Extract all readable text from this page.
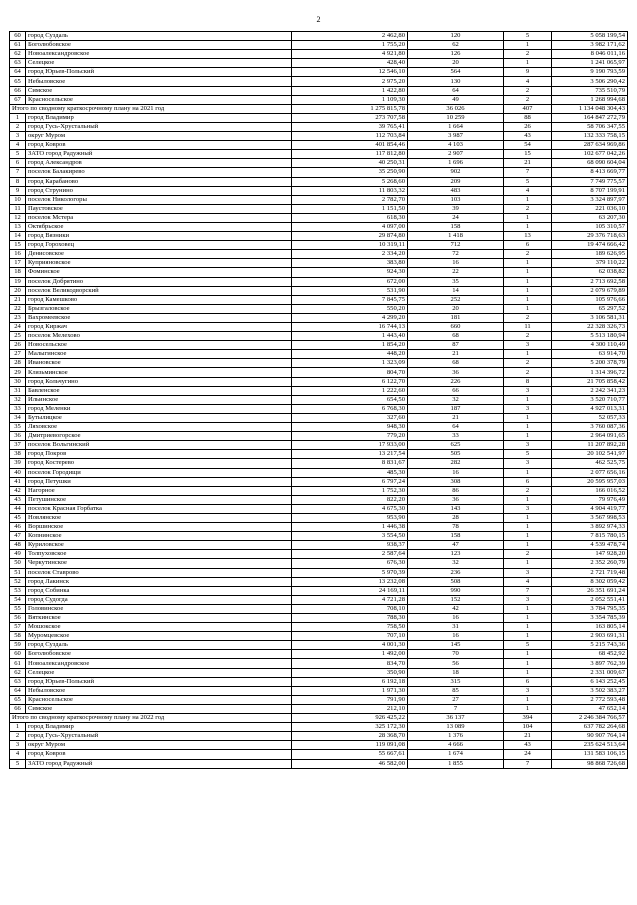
2
60	город Суздаль	2 462,80	120	5	5 058 199,54
61	Боголюбовское	1 755,20	62	1	3 982 171,62
62	Новоалександровское	4 921,80	126	2	8 046 011,16
63	Селецкое	428,40	20	1	1 241 065,97
64	город Юрьев-Польский	12 546,10	564	9	9 190 793,59
65	Небыловское	2 975,20	130	4	3 506 290,42
66	Симское	1 422,80	64	2	735 510,79
67	Красносельское	1 109,30	49	2	1 268 994,68
Итого по сводному краткосрочному плану на 2021 год		1 275 815,78	36 026	407	1 134 048 304,43
1	город Владимир	273 707,58	10 259	88	164 847 272,79
2	город Гусь-Хрустальный	39 765,41	1 664	26	58 706 347,55
3	округ Муром	112 703,84	3 987	43	132 333 758,15
4	город Ковров	401 854,46	4 103	54	287 634 969,86
5	ЗАТО город Радужный	117 812,80	2 907	15	102 677 042,26
6	город Александров	40 250,31	1 696	21	68 090 604,04
7	поселок Балакирево	35 250,90	902	7	8 413 669,77
8	город Карабаново	5 268,60	209	5	7 749 775,57
9	город Струнино	11 803,32	483	4	8 707 199,91
10	поселок Никологоры	2 782,70	103	1	3 324 897,97
11	Паустовское	1 151,50	39	2	221 036,10
12	поселок Мстера	618,30	24	1	63 207,30
13	Октябрьское	4 097,00	158	1	105 310,57
14	город Вязники	29 874,80	1 418	13	29 376 718,63
15	город Гороховец	10 319,11	712	6	19 474 666,42
16	Денисовское	2 334,20	72	2	189 626,95
17	Куприяновское	383,80	16	1	379 110,22
18	Фоминское	924,30	22	1	62 038,82
19	поселок Добрятино	672,00	35	1	2 713 692,58
20	поселок Великодворский	531,90	14	1	2 079 679,89
21	город Камешково	7 845,75	252	1	105 976,66
22	Брызгаловское	550,20	20	1	65 297,52
23	Вахромеевское	4 299,20	181	2	3 106 581,31
24	город Киржач	16 744,13	660	11	22 328 326,73
25	поселок Мелехово	1 443,40	68	2	5 513 180,94
26	Новосельское	1 854,20	87	3	4 300 110,49
27	Малыгинское	448,20	21	1	63 914,70
28	Ивановское	1 323,09	68	2	5 200 378,79
29	Клязьминское	804,70	36	2	1 314 396,72
30	город Кольчугино	6 122,70	226	8	21 705 858,42
31	Бавленское	1 222,60	66	3	2 242 341,23
32	Ильинское	654,50	32	1	3 520 710,77
33	город Меленки	6 768,30	187	3	4 927 013,31
34	Бутылицкое	327,60	21	1	52 057,33
35	Ляховское	948,30	64	1	3 760 087,36
36	Дмитриевогорское	779,20	33	1	2 964 091,65
37	поселок Вольгинский	17 933,00	625	3	11 207 892,28
38	город Покров	13 217,54	505	5	20 102 541,97
39	город Костерево	8 831,67	282	3	462 525,75
40	поселок Городищи	485,30	16	1	2 077 656,16
41	город Петушки	6 797,24	308	6	20 595 957,03
42	Нагорное	1 752,30	86	2	166 016,52
43	Петушинское	822,20	36	1	79 976,49
44	поселок Красная Горбатка	4 675,30	143	3	4 904 419,77
45	Новлянское	953,90	28	1	3 567 998,53
46	Воршинское	1 446,38	78	1	3 892 974,33
47	Копнинское	3 554,50	158	1	7 815 780,15
48	Куриловское	938,37	47	1	4 539 478,74
49	Толпуховское	2 587,64	123	2	147 928,20
50	Черкутинское	676,30	32	1	2 352 260,79
51	поселок Ставрово	5 970,39	236	3	2 721 719,48
52	город Лакинск	13 232,08	508	4	8 302 059,42
53	город Собинка	24 169,11	990	7	26 351 691,24
54	город Судогда	4 721,28	152	3	2 052 551,41
55	Головинское	708,10	42	1	3 784 795,35
56	Вяткинское	788,30	16	1	3 354 785,39
57	Мошокское	758,50	31	1	163 805,14
58	Муромцевское	707,10	16	1	2 903 691,31
59	город Суздаль	4 001,30	145	5	5 215 743,36
60	Боголюбовское	1 492,00	70	1	68 452,92
61	Новоалександровское	834,70	56	1	3 897 762,39
62	Селецкое	350,90	18	1	2 331 009,67
63	город Юрьев-Польский	6 192,18	315	6	6 143 252,45
64	Небыловское	1 971,30	85	3	3 502 383,27
65	Красносельское	791,90	27	1	2 772 593,48
66	Симское	212,10	7	1	47 652,14
Итого по сводному краткосрочному плану на 2022 год		926 425,22	36 137	394	2 246 384 766,57
1	город Владимир	325 172,30	13 089	104	637 782 264,68
2	город Гусь-Хрустальный	28 368,70	1 376	21	90 907 764,14
3	округ Муром	119 091,08	4 666	43	235 624 513,64
4	город Ковров	55 667,61	1 674	24	131 583 106,15
5	ЗАТО город Радужный	46 582,00	1 855	7	98 868 726,68
